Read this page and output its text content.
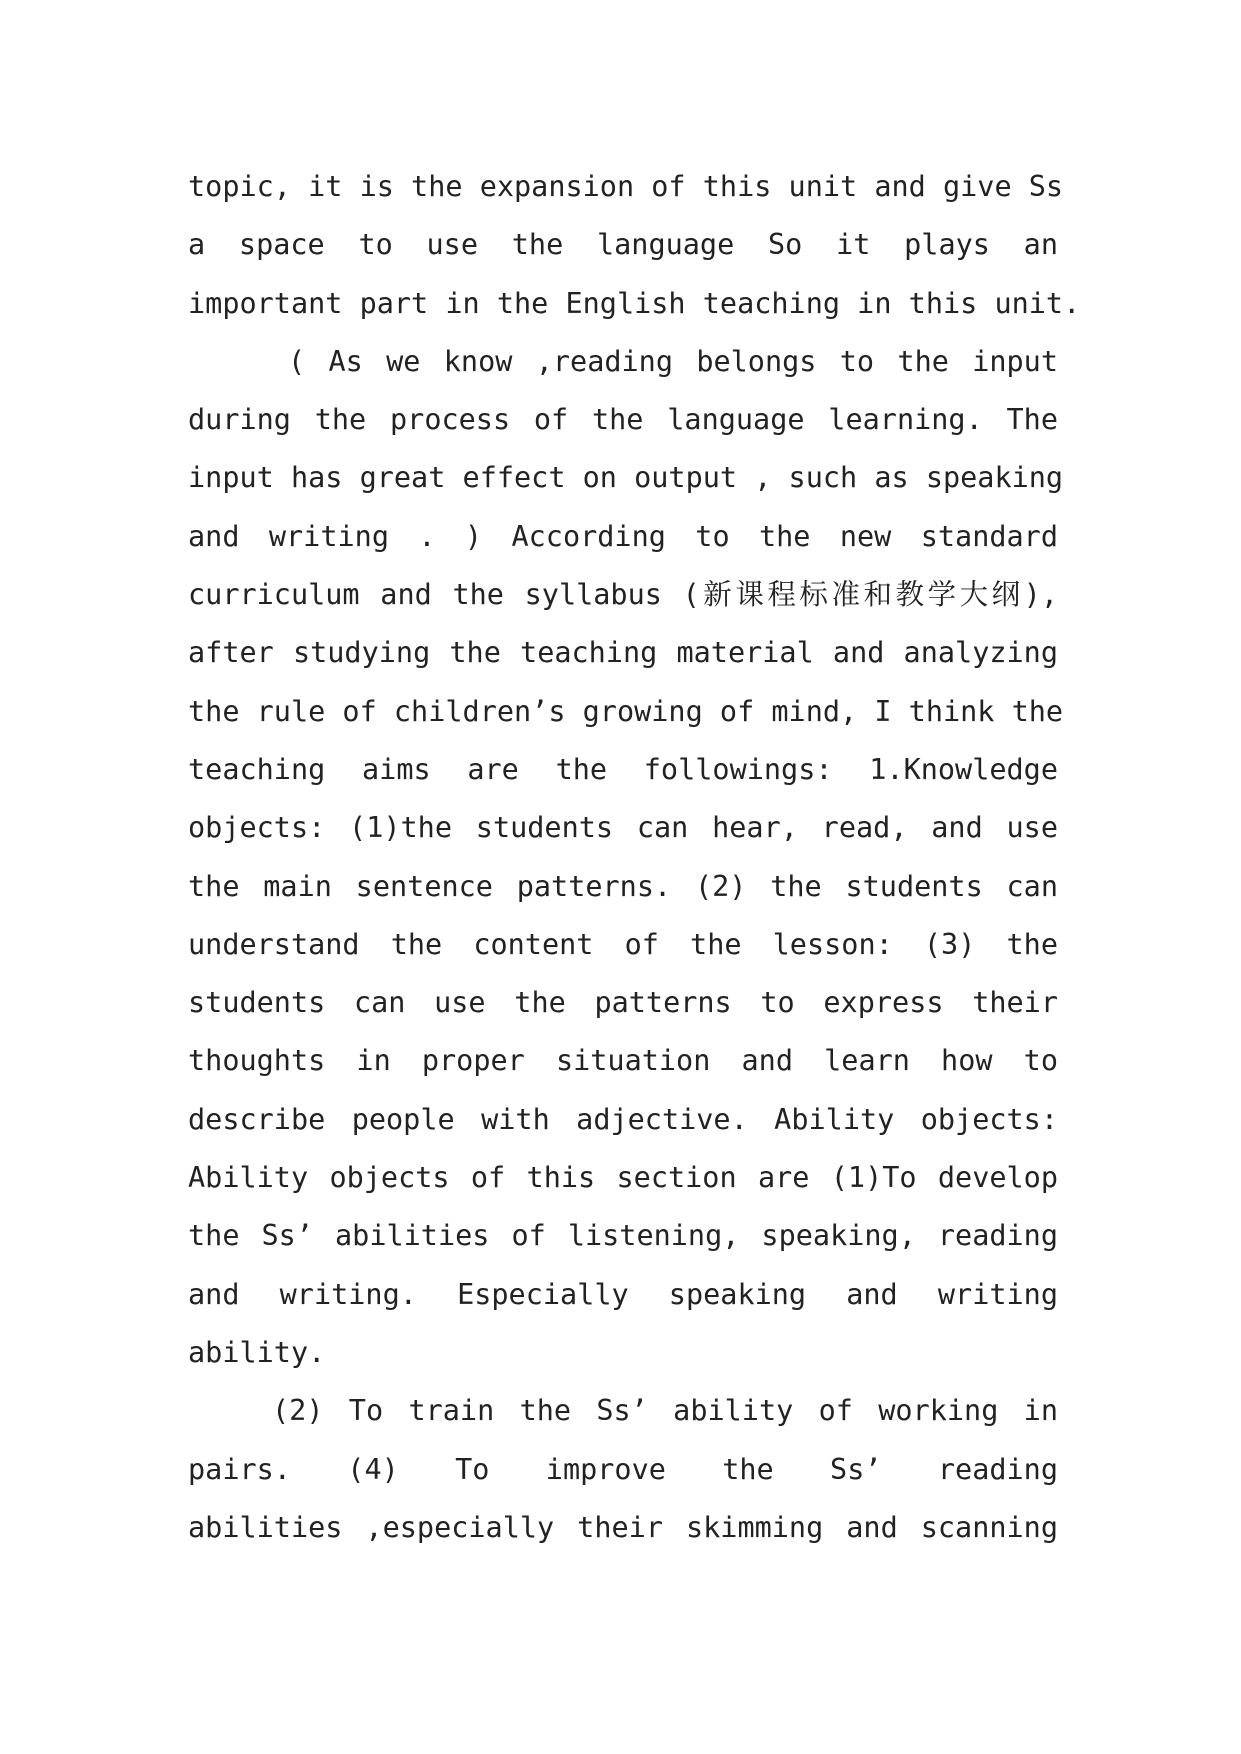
topic, it is the expansion of this unit and give Ss
a space to use the language So it plays an
important part in the English teaching in this unit.
( As we know ,reading belongs to the input
during the process of the language learning. The
input has great effect on output , such as speaking
and writing . ) According to the new standard
curriculum and the syllabus (新课程标准和教学大纲),
after studying the teaching material and analyzing
the rule of children’s growing of mind, I think the
teaching aims are the followings: 1.Knowledge
objects: (1)the students can hear, read, and use
the main sentence patterns. (2) the students can
understand the content of the lesson: (3) the
students can use the patterns to express their
thoughts in proper situation and learn how to
describe people with adjective. Ability objects:
Ability objects of this section are (1)To develop
the Ss’ abilities of listening, speaking, reading
and writing. Especially speaking and writing
ability.
(2) To train the Ss’ ability of working in
pairs. (4) To improve the Ss’ reading
abilities ,especially their skimming and scanning
